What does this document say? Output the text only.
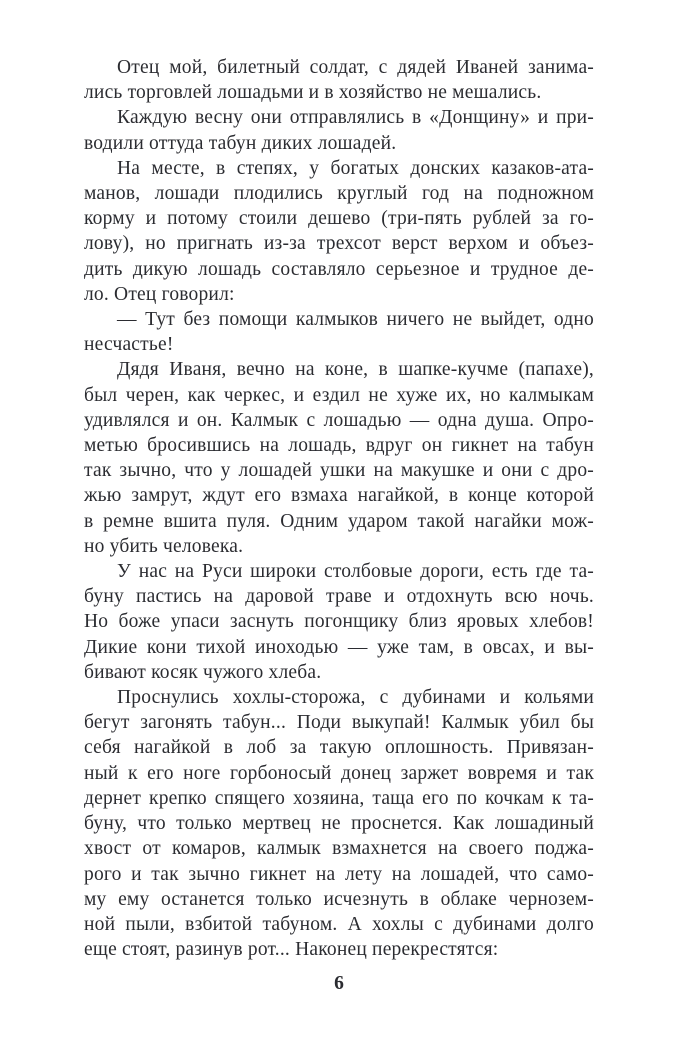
Отец мой, билетный солдат, с дядей Иваней занима-
лись торговлей лошадьми и в хозяйство не мешались.
Каждую весну они отправлялись в «Донщину» и при-
водили оттуда табун диких лошадей.
На месте, в степях, у богатых донских казаков-ата-
манов, лошади плодились круглый год на подножном
корму и потому стоили дешево (три-пять рублей за го-
лову), но пригнать из-за трехсот верст верхом и объез-
дить дикую лошадь составляло серьезное и трудное де-
ло. Отец говорил:
— Тут без помощи калмыков ничего не выйдет, одно
несчастье!
Дядя Иваня, вечно на коне, в шапке-кучме (папахе),
был черен, как черкес, и ездил не хуже их, но калмыкам
удивлялся и он. Калмык с лошадью — одна душа. Опро-
метью бросившись на лошадь, вдруг он гикнет на табун
так зычно, что у лошадей ушки на макушке и они с дро-
жью замрут, ждут его взмаха нагайкой, в конце которой
в ремне вшита пуля. Одним ударом такой нагайки мож-
но убить человека.
У нас на Руси широки столбовые дороги, есть где та-
буну пастись на даровой траве и отдохнуть всю ночь.
Но боже упаси заснуть погонщику близ яровых хлебов!
Дикие кони тихой иноходью — уже там, в овсах, и вы-
бивают косяк чужого хлеба.
Проснулись хохлы-сторожа, с дубинами и кольями
бегут загонять табун... Поди выкупай! Калмык убил бы
себя нагайкой в лоб за такую оплошность. Привязан-
ный к его ноге горбоносый донец заржет вовремя и так
дернет крепко спящего хозяина, таща его по кочкам к та-
буну, что только мертвец не проснется. Как лошадиный
хвост от комаров, калмык взмахнется на своего поджа-
рого и так зычно гикнет на лету на лошадей, что само-
му ему останется только исчезнуть в облаке чернозем-
ной пыли, взбитой табуном. А хохлы с дубинами долго
еще стоят, разинув рот... Наконец перекрестятся:
6
